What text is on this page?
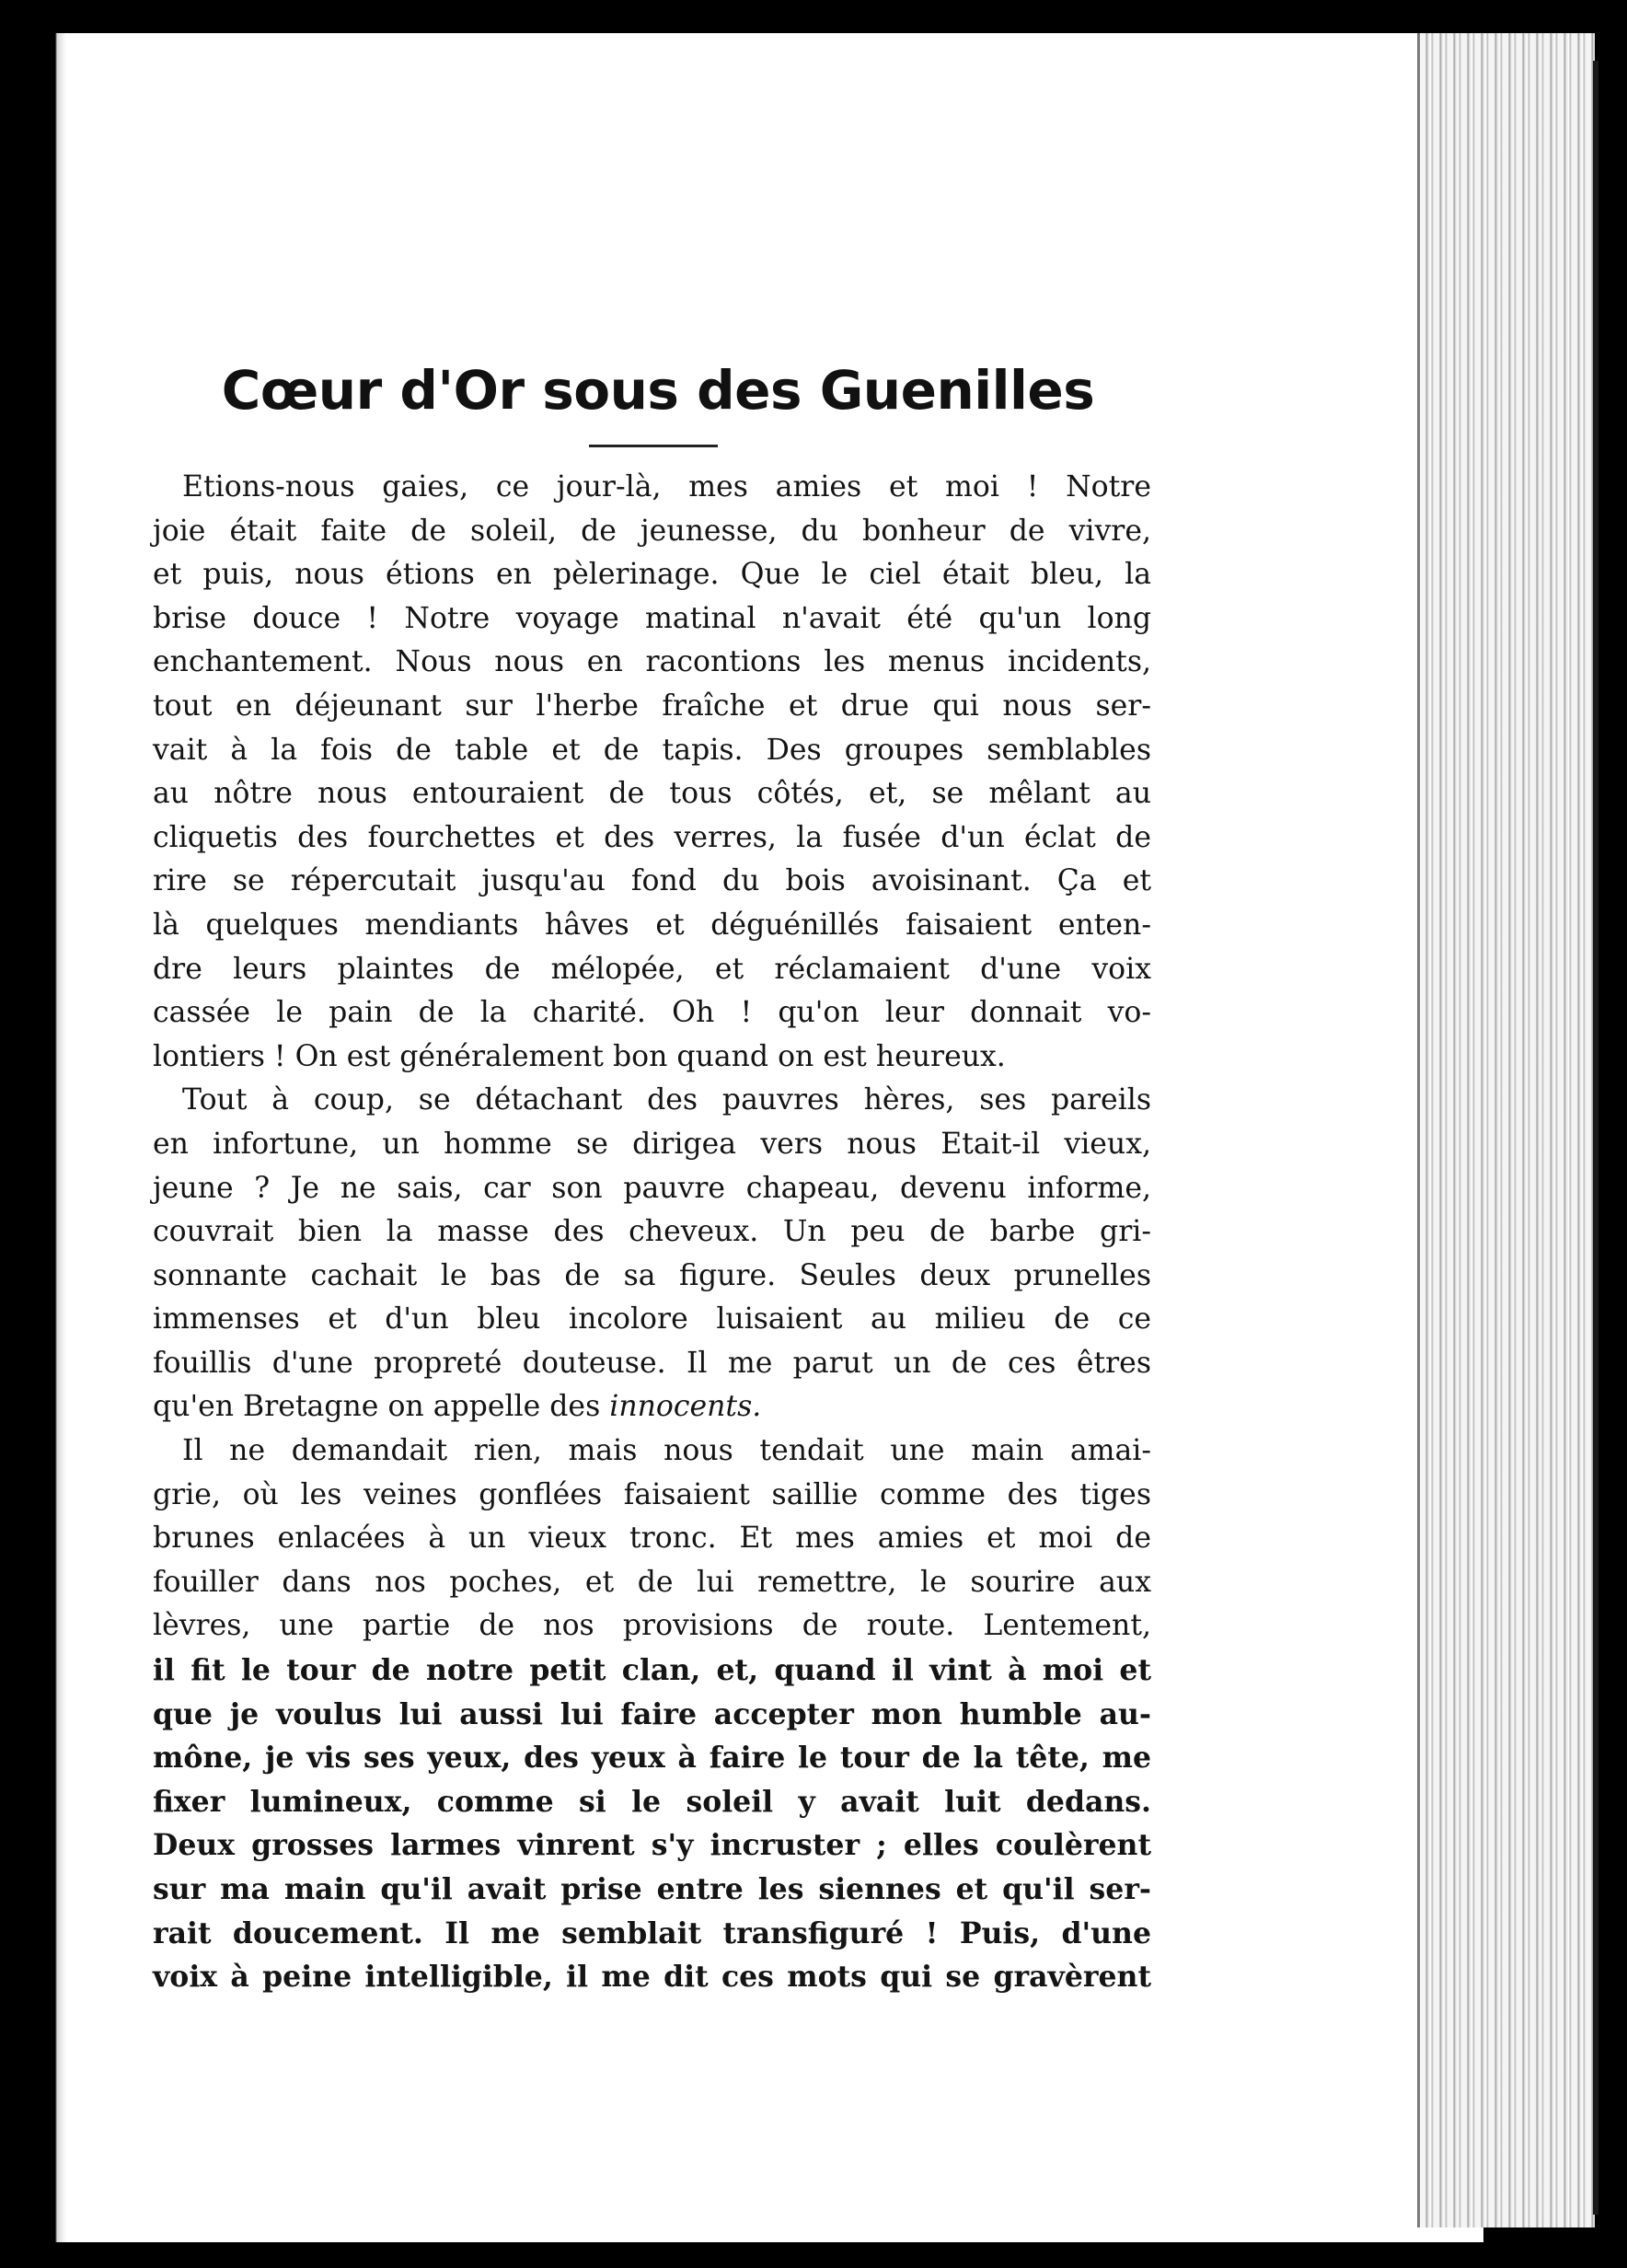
Cœur d'Or sous des Guenilles

Etions-nous gaies, ce jour-là, mes amies et moi ! Notre

joie était faite de soleil, de jeunesse, du bonheur de vivre,

et puis, nous étions en pèlerinage. Que le ciel était bleu, la

brise douce ! Notre voyage matinal n'avait été qu'un long

enchantement. Nous nous en racontions les menus incidents,

tout en déjeunant sur l'herbe fraîche et drue qui nous ser-

vait à la fois de table et de tapis. Des groupes semblables

au nôtre nous entouraient de tous côtés, et, se mêlant au

cliquetis des fourchettes et des verres, la fusée d'un éclat de

rire se répercutait jusqu'au fond du bois avoisinant. Ça et

là quelques mendiants hâves et déguénillés faisaient enten-

dre leurs plaintes de mélopée, et réclamaient d'une voix

cassée le pain de la charité. Oh ! qu'on leur donnait vo-

lontiers ! On est généralement bon quand on est heureux.

Tout à coup, se détachant des pauvres hères, ses pareils

en infortune, un homme se dirigea vers nous Etait-il vieux,

jeune ? Je ne sais, car son pauvre chapeau, devenu informe,

couvrait bien la masse des cheveux. Un peu de barbe gri-

sonnante cachait le bas de sa figure. Seules deux prunelles

immenses et d'un bleu incolore luisaient au milieu de ce

fouillis d'une propreté douteuse. Il me parut un de ces êtres

qu'en Bretagne on appelle des innocents.

Il ne demandait rien, mais nous tendait une main amai-

grie, où les veines gonflées faisaient saillie comme des tiges

brunes enlacées à un vieux tronc. Et mes amies et moi de

fouiller dans nos poches, et de lui remettre, le sourire aux

lèvres, une partie de nos provisions de route. Lentement,

il fit le tour de notre petit clan, et, quand il vint à moi et

que je voulus lui aussi lui faire accepter mon humble au-

mône, je vis ses yeux, des yeux à faire le tour de la tête, me

fixer lumineux, comme si le soleil y avait luit dedans.

Deux grosses larmes vinrent s'y incruster ; elles coulèrent

sur ma main qu'il avait prise entre les siennes et qu'il ser-

rait doucement. Il me semblait transfiguré ! Puis, d'une

voix à peine intelligible, il me dit ces mots qui se gravèrent
